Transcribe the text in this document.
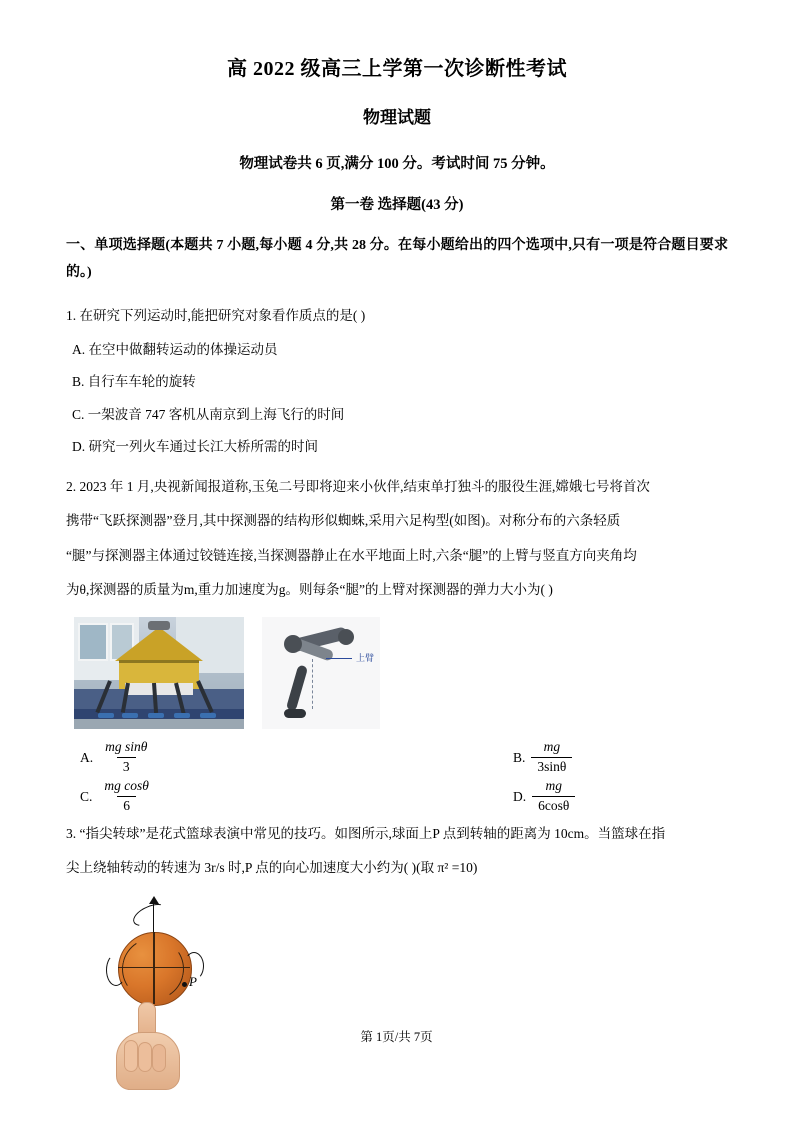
高 2022 级高三上学第一次诊断性考试
物理试题

物理试卷共 6 页,满分 100 分。考试时间 75 分钟。

第一卷 选择题(43 分)

一、单项选择题(本题共 7 小题,每小题 4 分,共 28 分。在每小题给出的四个选项中,只有一项是符合题目要求的。)

1. 在研究下列运动时,能把研究对象看作质点的是( )

A. 在空中做翻转运动的体操运动员

B. 自行车车轮的旋转

C. 一架波音 747 客机从南京到上海飞行的时间

D. 研究一列火车通过长江大桥所需的时间

2. 2023 年 1 月,央视新闻报道称,玉兔二号即将迎来小伙伴,结束单打独斗的服役生涯,嫦娥七号将首次

携带“飞跃探测器”登月,其中探测器的结构形似蜘蛛,采用六足构型(如图)。对称分布的六条轻质

“腿”与探测器主体通过铰链连接,当探测器静止在水平地面上时,六条“腿”的上臂与竖直方向夹角均

为θ,探测器的质量为m,重力加速度为g。则每条“腿”的上臂对探测器的弹力大小为( )

上臂
A. $\frac{\text{mg sinθ}}{3}$	B. $\frac{mg}{3\sin\theta}$
C. $\frac{\text{mg cosθ}}{6}$	D. $\frac{mg}{6\cos\theta}$

3. “指尖转球”是花式篮球表演中常见的技巧。如图所示,球面上P 点到转轴的距离为 10cm。当篮球在指

尖上绕轴转动的转速为 3r/s 时,P 点的向心加速度大小约为( )(取 π² =10)

P
第 1页/共 7页
